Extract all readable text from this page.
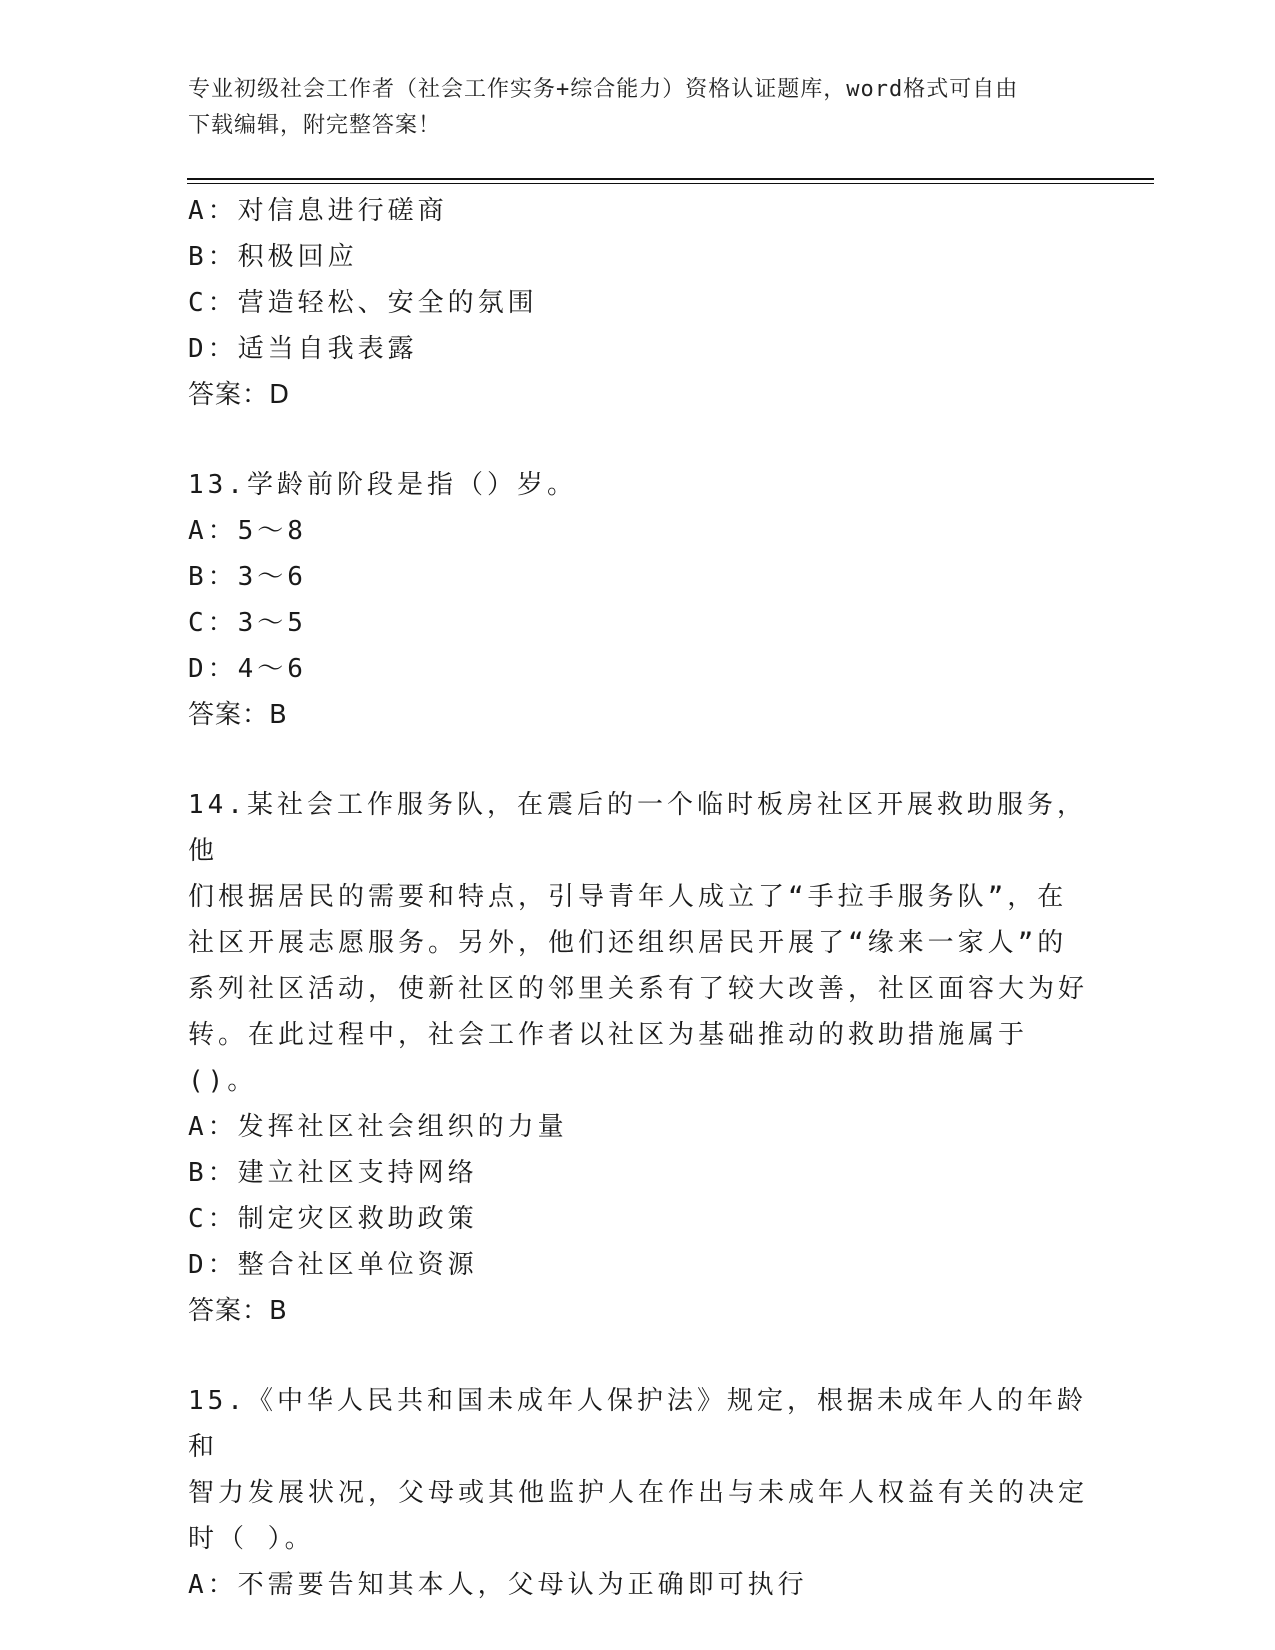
专业初级社会工作者（社会工作实务+综合能力）资格认证题库，word格式可自由
下载编辑，附完整答案！

A：对信息进行磋商

B：积极回应

C：营造轻松、安全的氛围

D：适当自我表露

答案：D

13.学龄前阶段是指（）岁。

A：5～8

B：3～6

C：3～5

D：4～6

答案：B

14.某社会工作服务队，在震后的一个临时板房社区开展救助服务，他

们根据居民的需要和特点，引导青年人成立了“手拉手服务队”，在

社区开展志愿服务。另外，他们还组织居民开展了“缘来一家人”的

系列社区活动，使新社区的邻里关系有了较大改善，社区面容大为好

转。在此过程中，社会工作者以社区为基础推动的救助措施属于()。

A：发挥社区社会组织的力量

B：建立社区支持网络

C：制定灾区救助政策

D：整合社区单位资源

答案：B

15.《中华人民共和国未成年人保护法》规定，根据未成年人的年龄和

智力发展状况，父母或其他监护人在作出与未成年人权益有关的决定

时（ ）。

A：不需要告知其本人，父母认为正确即可执行
